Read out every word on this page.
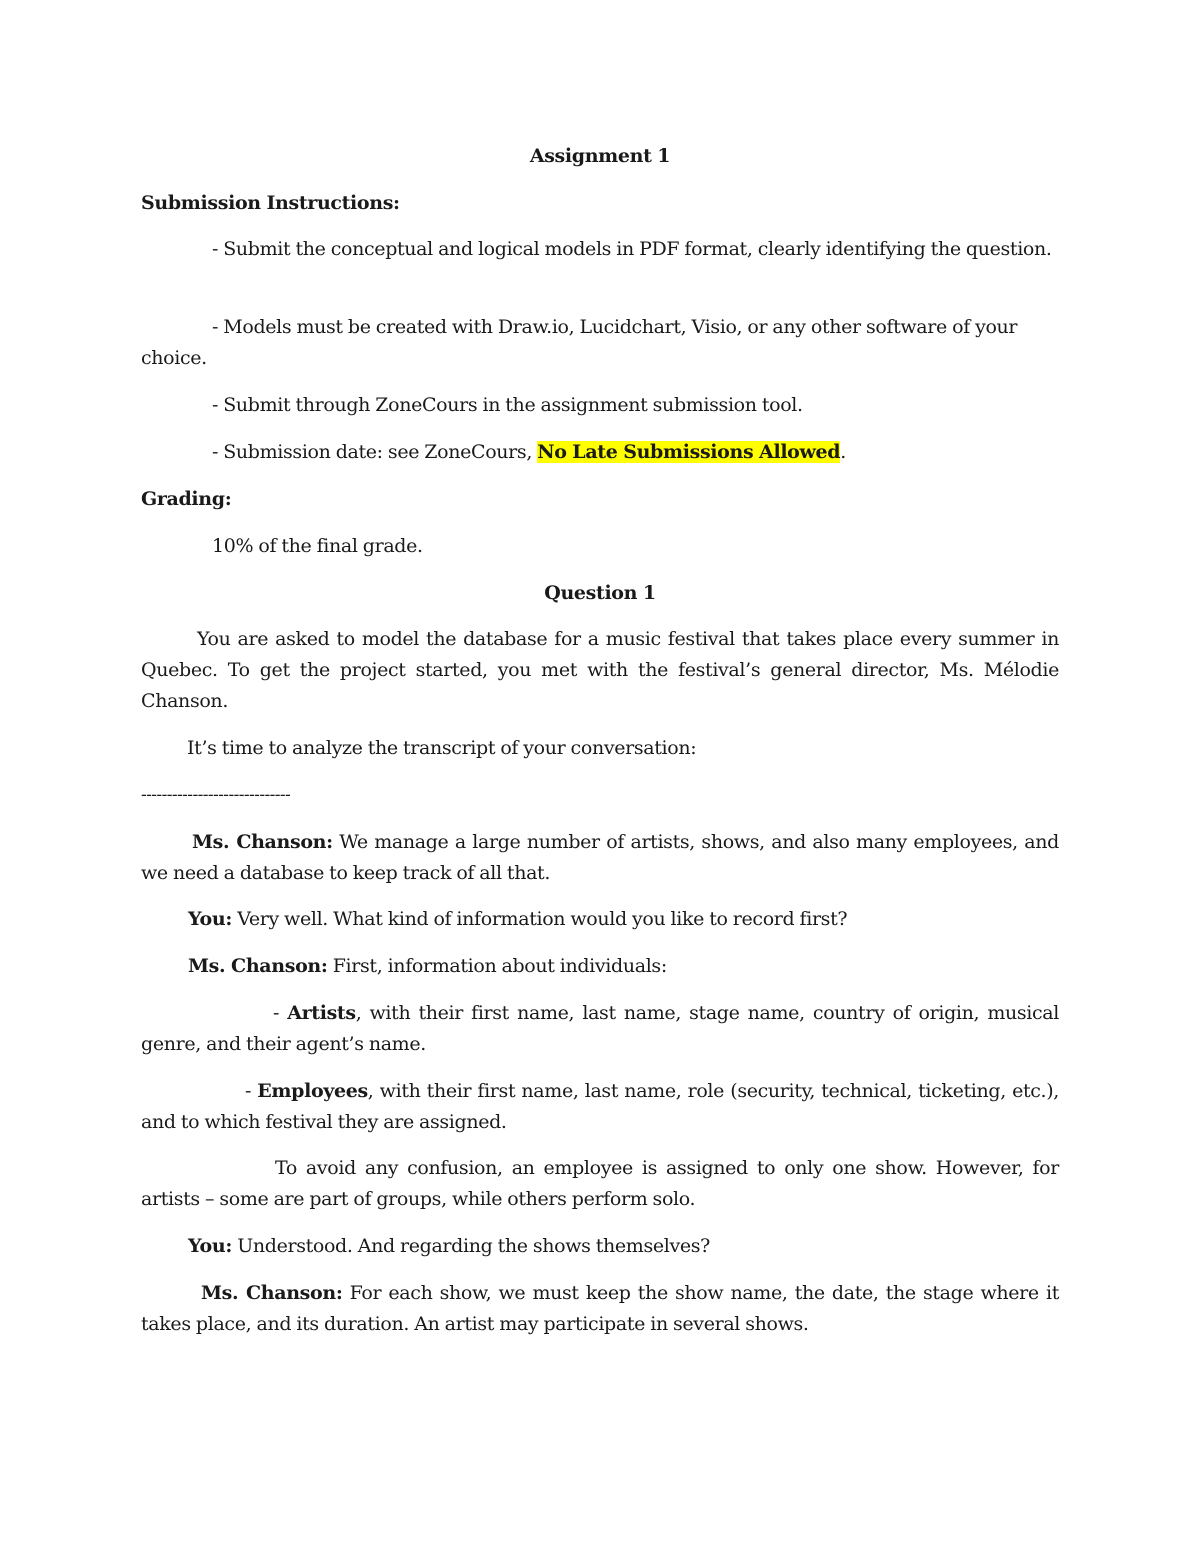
Assignment 1

Submission Instructions:

- Submit the conceptual and logical models in PDF format, clearly identifying the question.

- Models must be created with Draw.io, Lucidchart, Visio, or any other software of your choice.

- Submit through ZoneCours in the assignment submission tool.

- Submission date: see ZoneCours, No Late Submissions Allowed.

Grading:

10% of the final grade.

Question 1

You are asked to model the database for a music festival that takes place every summer in Quebec. To get the project started, you met with the festival’s general director, Ms. Mélodie Chanson.

It’s time to analyze the transcript of your conversation:

-----------------------------

Ms. Chanson: We manage a large number of artists, shows, and also many employees, and we need a database to keep track of all that.

You: Very well. What kind of information would you like to record first?

Ms. Chanson: First, information about individuals:

- Artists, with their first name, last name, stage name, country of origin, musical genre, and their agent’s name.

- Employees, with their first name, last name, role (security, technical, ticketing, etc.), and to which festival they are assigned.

To avoid any confusion, an employee is assigned to only one show. However, for artists – some are part of groups, while others perform solo.

You: Understood. And regarding the shows themselves?

Ms. Chanson: For each show, we must keep the show name, the date, the stage where it takes place, and its duration. An artist may participate in several shows.
